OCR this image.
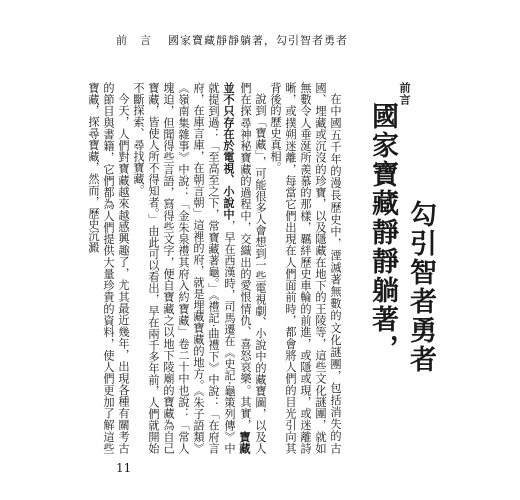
前　言 國家寶藏靜靜躺著，勾引智者勇者

在中國五千年的漫長歷史中，湮滅著無數的文化謎團，包括消失的古國、埋藏或沉沒的珍寶，以及隱藏在地下的王陵等，這些文化謎團，就如無數令人垂涎所羨慕的那樣，羈絆歷史車輪的前進，或隱或現，或迷離詩晰，或撲朔迷離，每當它們出現在人們面前時，都會將人們的目光引向其背後的歷史真相。

說到「寶藏」，可能很多人會想到一些電視劇、小說中的藏寶圖，以及人們在探尋神秘寶藏的過程中，交織出的愛恨情仇、喜怒哀樂。其實，寶藏並不只存在於電視、小說中，早在西漢時，司馬遷在《史記·龜策列傳》中就提到過：「至高至之下，常寶藏著龜。」《禮記·曲禮下》中說：「在府言府，在庫言庫，在朝言朝」這裡的府，就是埋藏寶藏的地方。《朱子語類》《嶺南集雜事》中說：「金朱泉禮其府入約寶藏」卷二十中也說：「常人塊迫，但聞得些言語，寫得些文字，便自寶藏之以地下陵廟的寶藏為自己寶藏，皆使人所不得知者。」由此可以看出，早在兩千多年前，人們就開始不斷探索、尋找寶藏。

今天，人們對寶藏越來越感興趣了，尤其最近幾年，出現各種有關考古的節目與書籍，它們都為人們提供大量珍貴的資料，使人們更加了解這些寶藏，探尋寶藏，然而，歷史沉澱	前言
國家寶藏靜靜躺著， 勾引智者勇者
11
